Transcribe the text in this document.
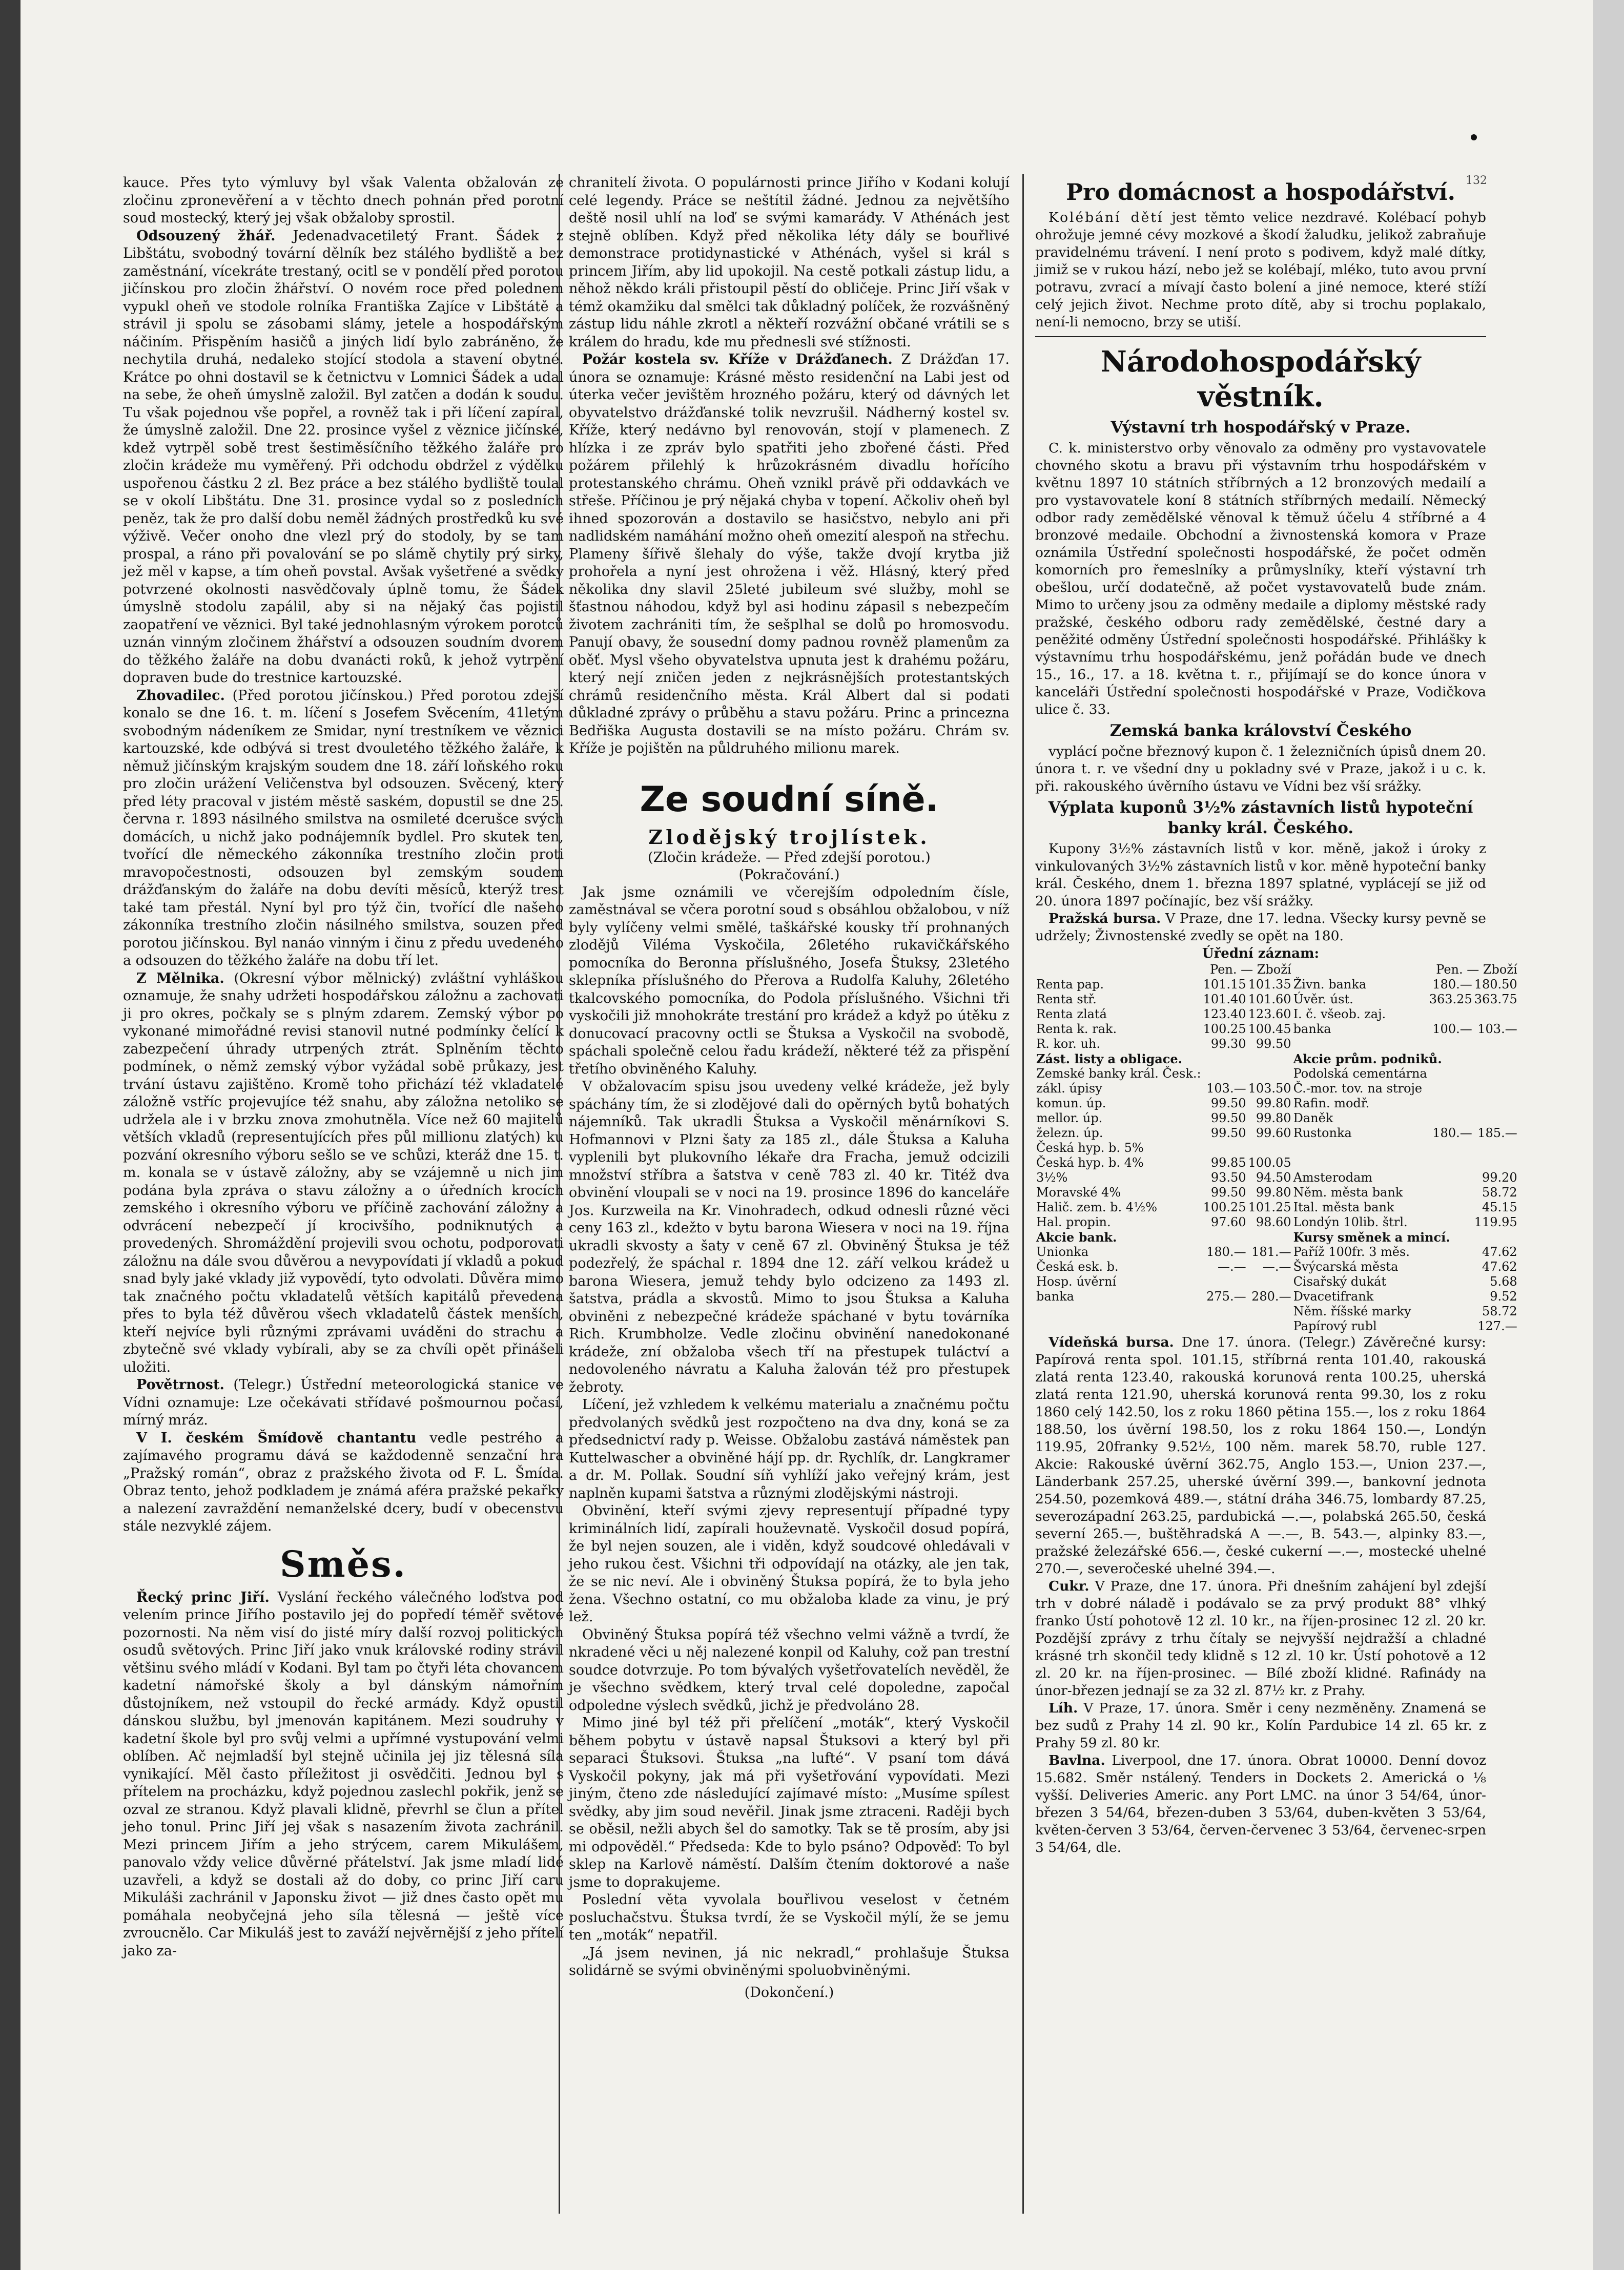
132

kauce. Přes tyto výmluvy byl však Valenta obžalován ze zločinu zpronevěření a v těchto dnech pohnán před porotní soud mostecký, který jej však obžaloby sprostil.

Odsouzený žhář. Jedenadvacetiletý Frant. Šádek z Libštátu, svobodný tovární dělník bez stálého bydliště a bez zaměstnání, vícekráte trestaný, ocitl se v pondělí před porotou jičínskou pro zločin žhářství. O novém roce před polednem vypukl oheň ve stodole rolníka Františka Zajíce v Libštátě a strávil ji spolu se zásobami slámy, jetele a hospodářským náčiním. Přispěním hasičů a jiných lidí bylo zabráněno, že nechytila druhá, nedaleko stojící stodola a stavení obytné. Krátce po ohni dostavil se k četnictvu v Lomnici Šádek a udal na sebe, že oheň úmyslně založil. Byl zatčen a dodán k soudu. Tu však pojednou vše popřel, a rovněž tak i při líčení zapíral, že úmyslně založil. Dne 22. prosince vyšel z věznice jičínské, kdež vytrpěl sobě trest šestiměsíčního těžkého žaláře pro zločin krádeže mu vyměřený. Při odchodu obdržel z výdělku uspořenou částku 2 zl. Bez práce a bez stálého bydliště toulal se v okolí Libštátu. Dne 31. prosince vydal so z posledních peněz, tak že pro další dobu neměl žádných prostředků ku své výživě. Večer onoho dne vlezl prý do stodoly, by se tam prospal, a ráno při povalování se po slámě chytily prý sirky, jež měl v kapse, a tím oheň povstal. Avšak vyšetřené a svědky potvrzené okolnosti nasvědčovaly úplně tomu, že Šádek úmyslně stodolu zapálil, aby si na nějaký čas pojistil zaopatření ve věznici. Byl také jednohlasným výrokem porotců uznán vinným zločinem žhářství a odsouzen soudním dvorem do těžkého žaláře na dobu dvanácti roků, k jehož vytrpění dopraven bude do trestnice kartouzské.

Zhovadilec. (Před porotou jičínskou.) Před porotou zdejší konalo se dne 16. t. m. líčení s Josefem Svěcením, 41letým svobodným nádeníkem ze Smidar, nyní trestníkem ve věznici kartouzské, kde odbývá si trest dvouletého těžkého žaláře, k němuž jičínským krajským soudem dne 18. září loňského roku pro zločin urážení Veličenstva byl odsouzen. Svěcený, který před léty pracoval v jistém městě saském, dopustil se dne 25. června r. 1893 násilného smilstva na osmileté dcerušce svých domácích, u nichž jako podnájemník bydlel. Pro skutek ten, tvořící dle německého zákonníka trestního zločin proti mravopočestnosti, odsouzen byl zemským soudem drážďanským do žaláře na dobu devíti měsíců, kterýž trest také tam přestál. Nyní byl pro týž čin, tvořící dle našeho zákonníka trestního zločin násilného smilstva, souzen před porotou jičínskou. Byl nanáo vinným i činu z předu uvedeného a odsouzen do těžkého žaláře na dobu tří let.

Z Mělnika. (Okresní výbor mělnický) zvláštní vyhláškou oznamuje, že snahy udržeti hospodářskou záložnu a zachovati ji pro okres, počkaly se s plným zdarem. Zemský výbor po vykonané mimořádné revisi stanovil nutné podmínky čelící k zabezpečení úhrady utrpených ztrát. Splněním těchto podmínek, o němž zemský výbor vyžádal sobě průkazy, jest trvání ústavu zajištěno. Kromě toho přichází též vkladatelé záložně vstříc projevujíce též snahu, aby záložna netoliko se udržela ale i v brzku znova zmohutněla. Více než 60 majitelů větších vkladů (representujících přes půl millionu zlatých) ku pozvání okresního výboru sešlo se ve schůzi, kteráž dne 15. t. m. konala se v ústavě záložny, aby se vzájemně u nich jim podána byla zpráva o stavu záložny a o úředních krocích zemského i okresního výboru ve příčině zachování záložny a odvrácení nebezpečí jí krocivšího, podniknutých a provedených. Shromáždění projevili svou ochotu, podporovati záložnu na dále svou důvěrou a nevypovídati jí vkladů a pokud snad byly jaké vklady již vypovědí, tyto odvolati. Důvěra mimo tak značného počtu vkladatelů větších kapitálů převedena přes to byla též důvěrou všech vkladatelů částek menších, kteří nejvíce byli různými zprávami uváděni do strachu a zbytečně své vklady vybírali, aby se za chvíli opět přinášeli uložiti.

Povětrnost. (Telegr.) Ústřední meteorologická stanice ve Vídni oznamuje: Lze očekávati střídavé pošmournou počasí, mírný mráz.

V I. českém Šmídově chantantu vedle pestrého a zajímavého programu dává se každodenně senzační hra „Pražský román“, obraz z pražského života od F. L. Šmída. Obraz tento, jehož podkladem je známá aféra pražské pekařky a nalezení zavraždění nemanželské dcery, budí v obecenstvu stále nezvyklé zájem.

Směs.

Řecký princ Jiří. Vyslání řeckého válečného loďstva pod velením prince Jiřího postavilo jej do popředí téměř světové pozornosti. Na něm visí do jisté míry další rozvoj politických osudů světových. Princ Jiří jako vnuk královské rodiny strávil většinu svého mládí v Kodani. Byl tam po čtyři léta chovancem kadetní námořské školy a byl dánským námořním důstojníkem, než vstoupil do řecké armády. Když opustil dánskou službu, byl jmenován kapitánem. Mezi soudruhy v kadetní škole byl pro svůj velmi a upřímné vystupování velmi oblíben. Ač nejmladší byl stejně učinila jej jiz tělesná síla vynikající. Měl často příležitost ji osvědčiti. Jednou byl s přítelem na procházku, když pojednou zaslechl pokřik, jenž se ozval ze stranou. Když plavali klidně, převrhl se člun a přítel jeho tonul. Princ Jiří jej však s nasazením života zachránil. Mezi princem Jiřím a jeho strýcem, carem Mikulášem, panovalo vždy velice důvěrné přátelství. Jak jsme mladí lidé uzavřeli, a když se dostali až do doby, co princ Jiří caru Mikuláši zachránil v Japonsku život — již dnes často opět mu pomáhala neobyčejná jeho síla tělesná — ještě více zvroucnělo. Car Mikuláš jest to zaváží nejvěrnější z jeho přítelí jako za-

chranitelí života. O populárnosti prince Jiřího v Kodani kolují celé legendy. Práce se neštítil žádné. Jednou za největšího deště nosil uhlí na loď se svými kamarády. V Athénách jest stejně oblíben. Když před několika léty dály se bouřlivé demonstrace protidynastické v Athénách, vyšel si král s princem Jiřím, aby lid upokojil. Na cestě potkali zástup lidu, a něhož někdo králi přistoupil pěstí do obličeje. Princ Jiří však v témž okamžiku dal smělci tak důkladný políček, že rozvášněný zástup lidu náhle zkrotl a někteří rozvážní občané vrátili se s králem do hradu, kde mu přednesli své stížnosti.

Požár kostela sv. Kříže v Drážďanech. Z Drážďan 17. února se oznamuje: Krásné město residenční na Labi jest od úterka večer jevištěm hrozného požáru, který od dávných let obyvatelstvo drážďanské tolik nevzrušil. Nádherný kostel sv. Kříže, který nedávno byl renovován, stojí v plamenech. Z hlízka i ze zpráv bylo spatřiti jeho zbořené části. Před požárem přilehlý k hrůzokrásném divadlu hořícího protestanského chrámu. Oheň vznikl právě při oddavkách ve střeše. Příčinou je prý nějaká chyba v topení. Ačkoliv oheň byl ihned spozorován a dostavilo se hasičstvo, nebylo ani při nadlidském namáhání možno oheň omezití alespoň na střechu. Plameny šířivě šlehaly do výše, takže dvojí krytba již prohořela a nyní jest ohrožena i věž. Hlásný, který před několika dny slavil 25leté jubileum své služby, mohl se šťastnou náhodou, když byl asi hodinu zápasil s nebezpečím životem zachrániti tím, že sešplhal se dolů po hromosvodu. Panují obavy, že sousední domy padnou rovněž plamenům za oběť. Mysl všeho obyvatelstva upnuta jest k drahému požáru, který nejí zničen jeden z nejkrásnějších protestantských chrámů residenčního města. Král Albert dal si podati důkladné zprávy o průběhu a stavu požáru. Princ a princezna Bedřiška Augusta dostavili se na místo požáru. Chrám sv. Kříže je pojištěn na půldruhého milionu marek.

Ze soudní síně.
Zlodějský trojlístek.
(Zločin krádeže. — Před zdejší porotou.)
(Pokračování.)

Jak jsme oznámili ve včerejším odpoledním čísle, zaměstnával se včera porotní soud s obsáhlou obžalobou, v níž byly vylíčeny velmi smělé, taškářské kousky tří prohnaných zlodějů Viléma Vyskočila, 26letého rukavičkářského pomocníka do Beronna příslušného, Josefa Štuksy, 23letého sklepníka příslušného do Přerova a Rudolfa Kaluhy, 26letého tkalcovského pomocníka, do Podola příslušného. Všichni tři vyskočili již mnohokráte trestání pro krádež a když po útěku z donucovací pracovny octli se Štuksa a Vyskočil na svobodě, spáchali společně celou řadu krádeží, některé též za přispění třetího obviněného Kaluhy.

V obžalovacím spisu jsou uvedeny velké krádeže, jež byly spáchány tím, že si zlodějové dali do opěrných bytů bohatých nájemníků. Tak ukradli Štuksa a Vyskočil měnárníkovi S. Hofmannovi v Plzni šaty za 185 zl., dále Štuksa a Kaluha vyplenili byt plukovního lékaře dra Fracha, jemuž odcizili množství stříbra a šatstva v ceně 783 zl. 40 kr. Titéž dva obvinění vloupali se v noci na 19. prosince 1896 do kanceláře Jos. Kurzweila na Kr. Vinohradech, odkud odnesli různé věci ceny 163 zl., kdežto v bytu barona Wiesera v noci na 19. října ukradli skvosty a šaty v ceně 67 zl. Obviněný Štuksa je též podezřelý, že spáchal r. 1894 dne 12. září velkou krádež u barona Wiesera, jemuž tehdy bylo odcizeno za 1493 zl. šatstva, prádla a skvostů. Mimo to jsou Štuksa a Kaluha obviněni z nebezpečné krádeže spáchané v bytu továrníka Rich. Krumbholze. Vedle zločinu obvinění nanedokonané krádeže, zní obžaloba všech tří na přestupek tuláctví a nedovoleného návratu a Kaluha žalován též pro přestupek žebroty.

Líčení, jež vzhledem k velkému materialu a značnému počtu předvolaných svědků jest rozpočteno na dva dny, koná se za předsednictví rady p. Weisse. Obžalobu zastává náměstek pan Kuttelwascher a obviněné hájí pp. dr. Rychlík, dr. Langkramer a dr. M. Pollak. Soudní síň vyhlíží jako veřejný krám, jest naplněn kupami šatstva a různými zlodějskými nástroji.

Obvinění, kteří svými zjevy representují případné typy kriminálních lidí, zapírali houževnatě. Vyskočil dosud popírá, že byl nejen souzen, ale i viděn, když soudcové ohledávali v jeho rukou čest. Všichni tři odpovídají na otázky, ale jen tak, že se nic neví. Ale i obviněný Štuksa popírá, že to byla jeho žena. Všechno ostatní, co mu obžaloba klade za vinu, je prý lež.

Obviněný Štuksa popírá též všechno velmi vážně a tvrdí, že nkradené věci u něj nalezené konpil od Kaluhy, což pan trestní soudce dotvrzuje. Po tom bývalých vyšetřovatelích nevěděl, že je všechno svědkem, který trval celé dopoledne, započal odpoledne výslech svědků, jichž je předvoláno 28.

Mimo jiné byl též při přelíčení „moták“, který Vyskočil během pobytu v ústavě napsal Štuksovi a který byl při separaci Štuksovi. Štuksa „na lufté“. V psaní tom dává Vyskočil pokyny, jak má při vyšetřování vypovídati. Mezi jiným, čteno zde následující zajímavé místo: „Musíme spílest svědky, aby jim soud nevěřil. Jinak jsme ztraceni. Raději bych se oběsil, nežli abych šel do samotky. Tak se tě prosím, aby jsi mi odpověděl.“ Předseda: Kde to bylo psáno? Odpověď: To byl sklep na Karlově náměstí. Dalším čtením doktorové a naše jsme to doprakujeme.

Poslední věta vyvolala bouřlivou veselost v četném posluchačstvu. Štuksa tvrdí, že se Vyskočil mýlí, že se jemu ten „moták“ nepatřil.

„Já jsem nevinen, já nic nekradl,“ prohlašuje Štuksa solidárně se svými obviněnými spoluobviněnými.

(Dokončení.)
Pro domácnost a hospodářství.

Kolébání dětí jest těmto velice nezdravé. Kolébací pohyb ohrožuje jemné cévy mozkové a škodí žaludku, jelikož zabraňuje pravidelnému trávení. I není proto s podivem, když malé dítky, jimiž se v rukou hází, nebo jež se kolébají, mléko, tuto avou první potravu, zvrací a mívají často bolení a jiné nemoce, které stíží celý jejich život. Nechme proto dítě, aby si trochu poplakalo, není-li nemocno, brzy se utiší.

Národohospodářský věstník.
Výstavní trh hospodářský v Praze.

C. k. ministerstvo orby věnovalo za odměny pro vystavovatele chovného skotu a bravu při výstavním trhu hospodářském v květnu 1897 10 státních stříbrných a 12 bronzových medailí a pro vystavovatele koní 8 státních stříbrných medailí. Německý odbor rady zemědělské věnoval k těmuž účelu 4 stříbrné a 4 bronzové medaile. Obchodní a živnostenská komora v Praze oznámila Ústřední společnosti hospodářské, že počet odměn komorních pro řemeslníky a průmyslníky, kteří výstavní trh obešlou, určí dodatečně, až počet vystavovatelů bude znám. Mimo to určeny jsou za odměny medaile a diplomy městské rady pražské, českého odboru rady zemědělské, čestné dary a peněžité odměny Ústřední společnosti hospodářské. Přihlášky k výstavnímu trhu hospodářskému, jenž pořádán bude ve dnech 15., 16., 17. a 18. května t. r., přijímají se do konce února v kanceláři Ústřední společnosti hospodářské v Praze, Vodičkova ulice č. 33.

Zemská banka království Českého

vyplácí počne březnový kupon č. 1 železničních úpisů dnem 20. února t. r. ve všední dny u pokladny své v Praze, jakož i u c. k. při. rakouského úvěrního ústavu ve Vídni bez vší srážky.

Výplata kuponů 3½% zástavních listů hypoteční banky král. Českého.

Kupony 3½% zástavních listů v kor. měně, jakož i úroky z vinkulovaných 3½% zástavních listů v kor. měně hypoteční banky král. Českého, dnem 1. března 1897 splatné, vyplácejí se již od 20. února 1897 počínajíc, bez vší srážky.

Pražská bursa. V Praze, dne 17. ledna. Všecky kursy pevně se udržely; Živnostenské zvedly se opět na 180.

Úřední záznam:
	Pen. — Zboží			Pen. — Zboží	
Renta pap.	101.15	101.35	Živn. banka	180.—	180.50
Renta stř.	101.40	101.60	Úvěr. úst.	363.25	363.75
Renta zlatá	123.40	123.60	I. č. všeob. zaj.		
Renta k. rak.	100.25	100.45	banka	100.—	103.—
R. kor. uh.	99.30	99.50			
Zást. listy a obligace.			Akcie prům. podniků.		
Zemské banky král. Česk.:			Podolská cementárna		
zákl. úpisy	103.—	103.50	Č.-mor. tov. na stroje		
komun. úp.	99.50	99.80	Rafin. modř.		
mellor. úp.	99.50	99.80	Daněk		
železn. úp.	99.50	99.60	Rustonka	180.—	185.—
Česká hyp. b. 5%					
Česká hyp. b. 4%	99.85	100.05			
3½%	93.50	94.50	Amsterodam		99.20
Moravské 4%	99.50	99.80	Něm. města bank		58.72
Halič. zem. b. 4½%	100.25	101.25	Ital. města bank		45.15
Hal. propin.	97.60	98.60	Londýn 10lib. štrl.		119.95
Akcie bank.			Kursy směnek a mincí.		
Unionka	180.—	181.—	Paříž 100fr. 3 měs.		47.62
Česká esk. b.	—.—	—.—	Švýcarská města		47.62
Hosp. úvěrní			Cisařský dukát		5.68
banka	275.—	280.—	Dvacetifrank		9.52
			Něm. říšské marky		58.72
			Papírový rubl		127.—

Vídeňská bursa. Dne 17. února. (Telegr.) Závěrečné kursy: Papírová renta spol. 101.15, stříbrná renta 101.40, rakouská zlatá renta 123.40, rakouská korunová renta 100.25, uherská zlatá renta 121.90, uherská korunová renta 99.30, los z roku 1860 celý 142.50, los z roku 1860 pětina 155.—, los z roku 1864 188.50, los úvěrní 198.50, los z roku 1864 150.—, Londýn 119.95, 20franky 9.52½, 100 něm. marek 58.70, ruble 127. Akcie: Rakouské úvěrní 362.75, Anglo 153.—, Union 237.—, Länderbank 257.25, uherské úvěrní 399.—, bankovní jednota 254.50, pozemková 489.—, státní dráha 346.75, lombardy 87.25, severozápadní 263.25, pardubická —.—, polabská 265.50, česká severní 265.—, buštěhradská A —.—, B. 543.—, alpinky 83.—, pražské železářské 656.—, české cukerní —.—, mostecké uhelné 270.—, severočeské uhelné 394.—.

Cukr. V Praze, dne 17. února. Při dnešním zahájení byl zdejší trh v dobré náladě i podávalo se za prvý produkt 88° vlhký franko Ústí pohotově 12 zl. 10 kr., na říjen-prosinec 12 zl. 20 kr. Pozdější zprávy z trhu čítaly se nejvyšší nejdražší a chladné krásné trh skončil tedy klidně s 12 zl. 10 kr. Ústí pohotově a 12 zl. 20 kr. na říjen-prosinec. — Bílé zboží klidné. Rafinády na únor-březen jednají se za 32 zl. 87½ kr. z Prahy.

Líh. V Praze, 17. února. Směr i ceny nezměněny. Znamená se bez sudů z Prahy 14 zl. 90 kr., Kolín Pardubice 14 zl. 65 kr. z Prahy 59 zl. 80 kr.

Bavlna. Liverpool, dne 17. února. Obrat 10000. Denní dovoz 15.682. Směr nstálený. Tenders in Dockets 2. Americká o ⅛ vyšší. Deliveries Americ. any Port LMC. na únor 3 54/64, únor-březen 3 54/64, březen-duben 3 53/64, duben-květen 3 53/64, květen-červen 3 53/64, červen-červenec 3 53/64, červenec-srpen 3 54/64, dle.
